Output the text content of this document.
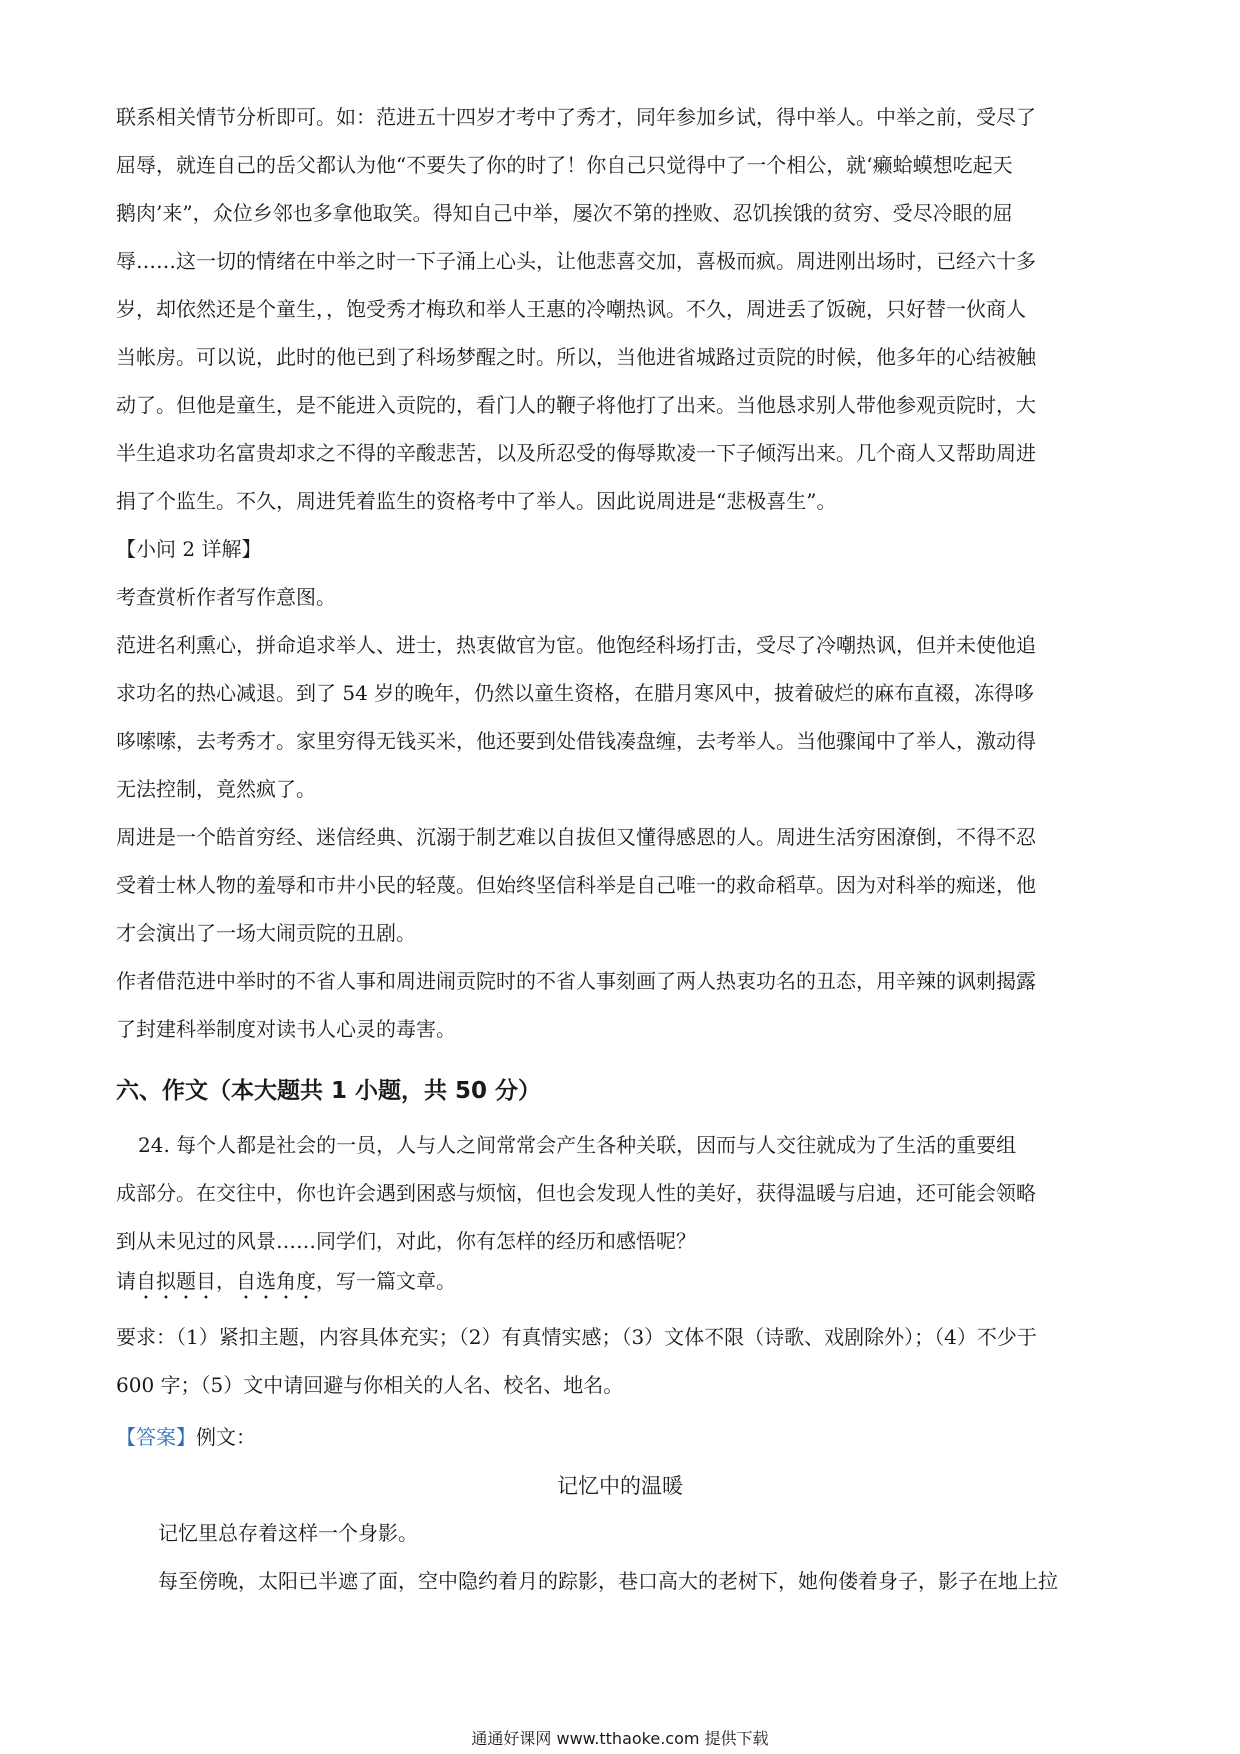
联系相关情节分析即可。如：范进五十四岁才考中了秀才，同年参加乡试，得中举人。中举之前，受尽了
屈辱，就连自己的岳父都认为他“不要失了你的时了！你自己只觉得中了一个相公，就‘癞蛤蟆想吃起天
鹅肉’来”，众位乡邻也多拿他取笑。得知自己中举，屡次不第的挫败、忍饥挨饿的贫穷、受尽冷眼的屈
辱……这一切的情绪在中举之时一下子涌上心头，让他悲喜交加，喜极而疯。周进刚出场时，已经六十多
岁，却依然还是个童生，，饱受秀才梅玖和举人王惠的冷嘲热讽。不久，周进丢了饭碗，只好替一伙商人
当帐房。可以说，此时的他已到了科场梦醒之时。所以，当他进省城路过贡院的时候，他多年的心结被触
动了。但他是童生，是不能进入贡院的，看门人的鞭子将他打了出来。当他恳求别人带他参观贡院时，大
半生追求功名富贵却求之不得的辛酸悲苦，以及所忍受的侮辱欺凌一下子倾泻出来。几个商人又帮助周进
捐了个监生。不久，周进凭着监生的资格考中了举人。因此说周进是“悲极喜生”。
【小问 2 详解】
考查赏析作者写作意图。
范进名利熏心，拼命追求举人、进士，热衷做官为宦。他饱经科场打击，受尽了冷嘲热讽，但并未使他追
求功名的热心减退。到了 54 岁的晚年，仍然以童生资格，在腊月寒风中，披着破烂的麻布直裰，冻得哆
哆嗦嗦，去考秀才。家里穷得无钱买米，他还要到处借钱凑盘缠，去考举人。当他骤闻中了举人，激动得
无法控制，竟然疯了。
周进是一个皓首穷经、迷信经典、沉溺于制艺难以自拔但又懂得感恩的人。周进生活穷困潦倒，不得不忍
受着士林人物的羞辱和市井小民的轻蔑。但始终坚信科举是自己唯一的救命稻草。因为对科举的痴迷，他
才会演出了一场大闹贡院的丑剧。
作者借范进中举时的不省人事和周进闹贡院时的不省人事刻画了两人热衷功名的丑态，用辛辣的讽刺揭露
了封建科举制度对读书人心灵的毒害。
六、作文（本大题共 1 小题，共 50 分）
24. 每个人都是社会的一员，人与人之间常常会产生各种关联，因而与人交往就成为了生活的重要组
成部分。在交往中，你也许会遇到困惑与烦恼，但也会发现人性的美好，获得温暖与启迪，还可能会领略
到从未见过的风景……同学们，对此，你有怎样的经历和感悟呢？
请自拟题目，自选角度，写一篇文章。
要求：（1）紧扣主题，内容具体充实；（2）有真情实感；（3）文体不限（诗歌、戏剧除外）；（4）不少于
600 字；（5）文中请回避与你相关的人名、校名、地名。
【答案】例文：

记忆中的温暖

记忆里总存着这样一个身影。
每至傍晚，太阳已半遮了面，空中隐约着月的踪影，巷口高大的老树下，她佝偻着身子，影子在地上拉
通通好课网 www.tthaoke.com 提供下载
